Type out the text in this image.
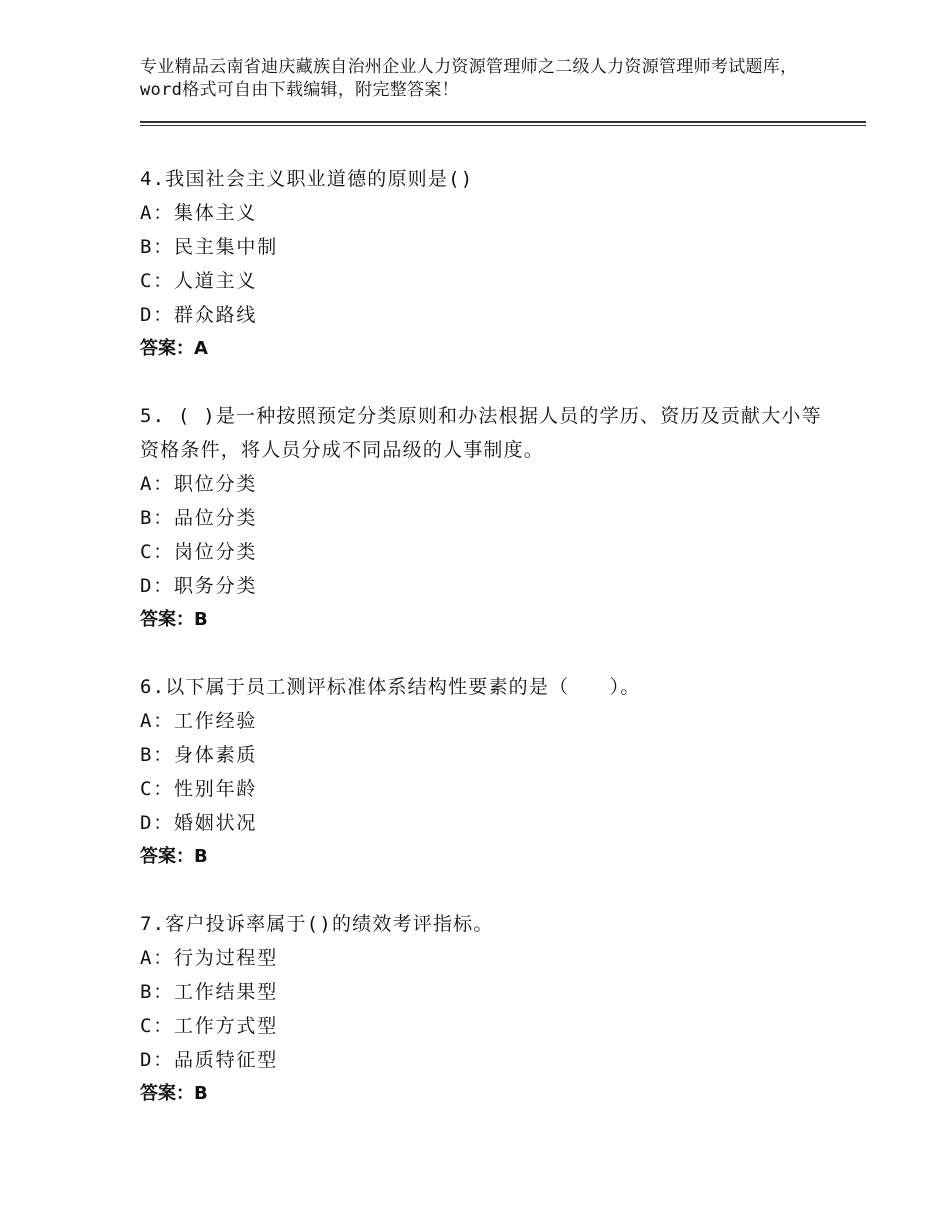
专业精品云南省迪庆藏族自治州企业人力资源管理师之二级人力资源管理师考试题库，word格式可自由下载编辑，附完整答案！

4.我国社会主义职业道德的原则是()

A：集体主义

B：民主集中制

C：人道主义

D：群众路线

答案：A

5. ( )是一种按照预定分类原则和办法根据人员的学历、资历及贡献大小等资格条件，将人员分成不同品级的人事制度。

A：职位分类

B：品位分类

C：岗位分类

D：职务分类

答案：B

6.以下属于员工测评标准体系结构性要素的是（　　）。

A：工作经验

B：身体素质

C：性别年龄

D：婚姻状况

答案：B

7.客户投诉率属于()的绩效考评指标。

A：行为过程型

B：工作结果型

C：工作方式型

D：品质特征型

答案：B
